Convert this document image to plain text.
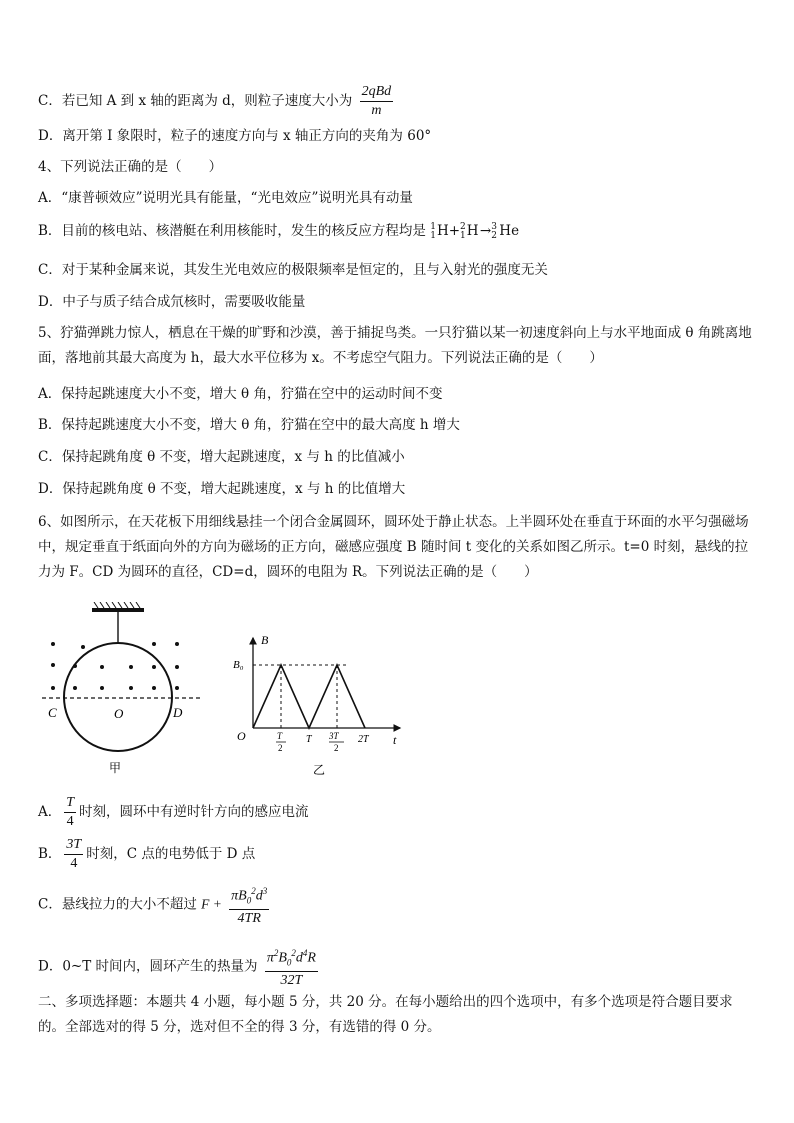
C．若已知 A 到 x 轴的距离为 d，则粒子速度大小为 $\frac{\text{2qBd}}{m}$
D．离开第 I 象限时，粒子的速度方向与 x 轴正方向的夹角为 60°
4、下列说法正确的是（　　）
A．“康普顿效应”说明光具有能量，“光电效应”说明光具有动量
B．目前的核电站、核潜艇在利用核能时，发生的核反应方程均是 1
1 H+ 2
1 H → 3
2  He
C．对于某种金属来说，其发生光电效应的极限频率是恒定的，且与入射光的强度无关
D．中子与质子结合成氘核时，需要吸收能量
5、狞猫弹跳力惊人，栖息在干燥的旷野和沙漠，善于捕捉鸟类。一只狞猫以某一初速度斜向上与水平地面成 θ 角跳离地面，落地前其最大高度为 h，最大水平位移为 x。不考虑空气阻力。下列说法正确的是（　　）
A．保持起跳速度大小不变，增大 θ 角，狞猫在空中的运动时间不变
B．保持起跳速度大小不变，增大 θ 角，狞猫在空中的最大高度 h 增大
C．保持起跳角度 θ 不变，增大起跳速度，x 与 h 的比值减小
D．保持起跳角度 θ 不变，增大起跳速度，x 与 h 的比值增大
6、如图所示，在天花板下用细线悬挂一个闭合金属圆环，圆环处于静止状态。上半圆环处在垂直于环面的水平匀强磁场中，规定垂直于纸面向外的方向为磁场的正方向，磁感应强度 B 随时间 t 变化的关系如图乙所示。t=0 时刻，悬线的拉力为 F。CD 为圆环的直径，CD=d，圆环的电阻为 R。下列说法正确的是（　　）
C	O	D
甲
B
B₀
O	t
T
2
T 3T
2
2T
乙
A． $\frac{T}{4}$ 时刻，圆环中有逆时针方向的感应电流
B． $\frac{3T}{4}$ 时刻，C 点的电势低于 D 点
C．悬线拉力的大小不超过 $F + \frac{\pi B_0^2d^3}{4TR}$
D．0~T 时间内，圆环产生的热量为 $\frac{\pi^2B_0^2d^4R}{32T}$
二、多项选择题：本题共 4 小题，每小题 5 分，共 20 分。在每小题给出的四个选项中，有多个选项是符合题目要求的。全部选对的得 5 分，选对但不全的得 3 分，有选错的得 0 分。
